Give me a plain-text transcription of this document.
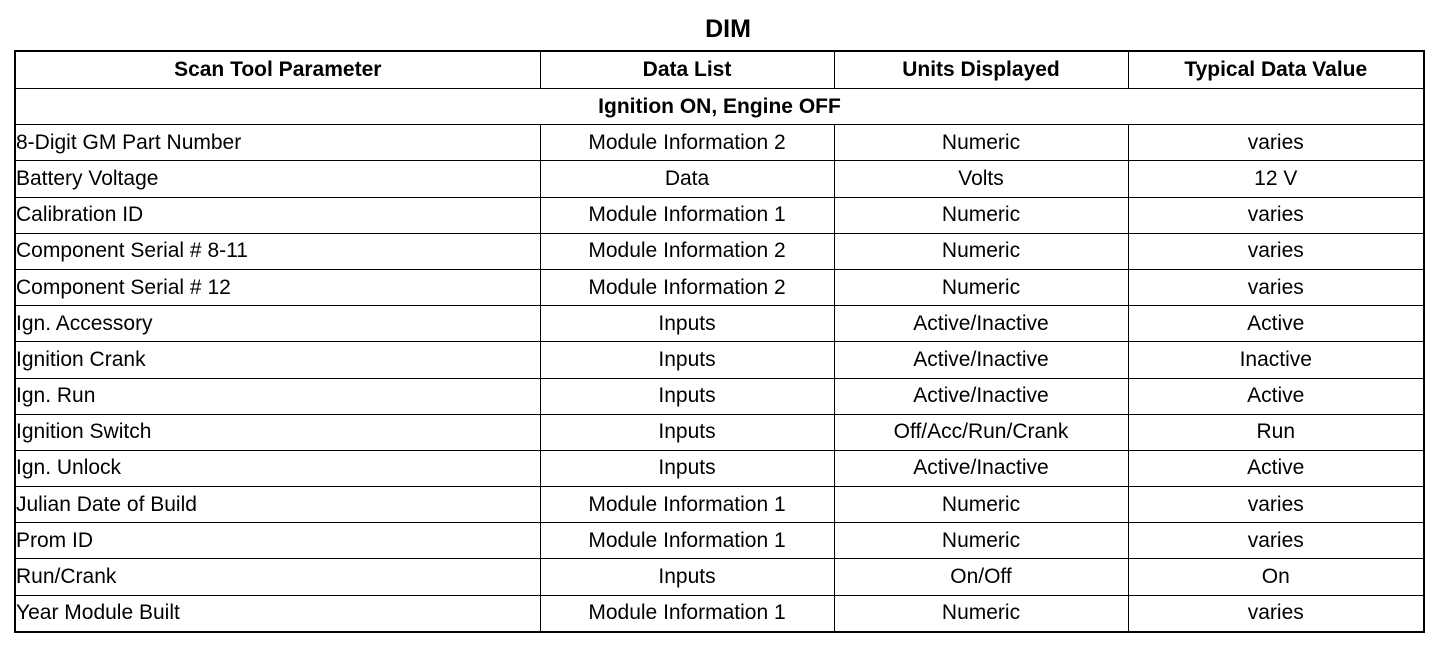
DIM
Scan Tool Parameter	Data List	Units Displayed	Typical Data Value
Ignition ON, Engine OFF			
8-Digit GM Part Number	Module Information 2	Numeric	varies
Battery Voltage	Data	Volts	12 V
Calibration ID	Module Information 1	Numeric	varies
Component Serial # 8-11	Module Information 2	Numeric	varies
Component Serial # 12	Module Information 2	Numeric	varies
Ign. Accessory	Inputs	Active/Inactive	Active
Ignition Crank	Inputs	Active/Inactive	Inactive
Ign. Run	Inputs	Active/Inactive	Active
Ignition Switch	Inputs	Off/Acc/Run/Crank	Run
Ign. Unlock	Inputs	Active/Inactive	Active
Julian Date of Build	Module Information 1	Numeric	varies
Prom ID	Module Information 1	Numeric	varies
Run/Crank	Inputs	On/Off	On
Year Module Built	Module Information 1	Numeric	varies
